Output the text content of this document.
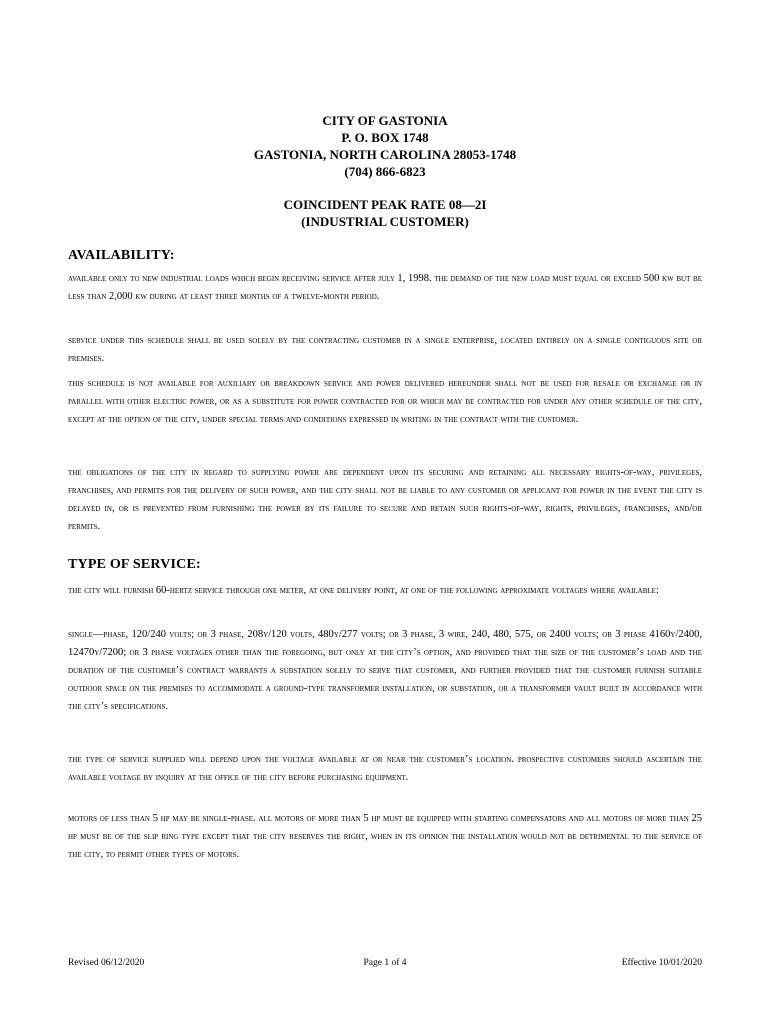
CITY OF GASTONIA
P. O. BOX 1748
GASTONIA, NORTH CAROLINA 28053-1748
(704) 866-6823
COINCIDENT PEAK RATE 08—2I
(INDUSTRIAL CUSTOMER)
AVAILABILITY:
available only to new industrial loads which begin receiving service after july 1, 1998. the demand of the new load must equal or exceed 500 kw but be less than 2,000 kw during at least three months of a twelve-month period.
service under this schedule shall be used solely by the contracting customer in a single enterprise, located entirely on a single contiguous site or premises.
this schedule is not available for auxiliary or breakdown service and power delivered hereunder shall not be used for resale or exchange or in parallel with other electric power, or as a substitute for power contracted for or which may be contracted for under any other schedule of the city, except at the option of the city, under special terms and conditions expressed in writing in the contract with the customer.
the obligations of the city in regard to supplying power are dependent upon its securing and retaining all necessary rights-of-way, privileges, franchises, and permits for the delivery of such power, and the city shall not be liable to any customer or applicant for power in the event the city is delayed in, or is prevented from furnishing the power by its failure to secure and retain such rights-of-way, rights, privileges, franchises, and/or permits.
TYPE OF SERVICE:
the city will furnish 60-hertz service through one meter, at one delivery point, at one of the following approximate voltages where available:
single—phase, 120/240 volts; or 3 phase, 208y/120 volts, 480y/277 volts; or 3 phase, 3 wire, 240, 480, 575, or 2400 volts; or 3 phase 4160y/2400, 12470y/7200; or 3 phase voltages other than the foregoing, but only at the city’s option, and provided that the size of the customer’s load and the duration of the customer’s contract warrants a substation solely to serve that customer, and further provided that the customer furnish suitable outdoor space on the premises to accommodate a ground-type transformer installation, or substation, or a transformer vault built in accordance with the city’s specifications.
the type of service supplied will depend upon the voltage available at or near the customer’s location. prospective customers should ascertain the available voltage by inquiry at the office of the city before purchasing equipment.
motors of less than 5 hp may be single-phase. all motors of more than 5 hp must be equipped with starting compensators and all motors of more than 25 hp must be of the slip ring type except that the city reserves the right, when in its opinion the installation would not be detrimental to the service of the city, to permit other types of motors.
Revised 06/12/2020	Page 1 of 4	Effective 10/01/2020
